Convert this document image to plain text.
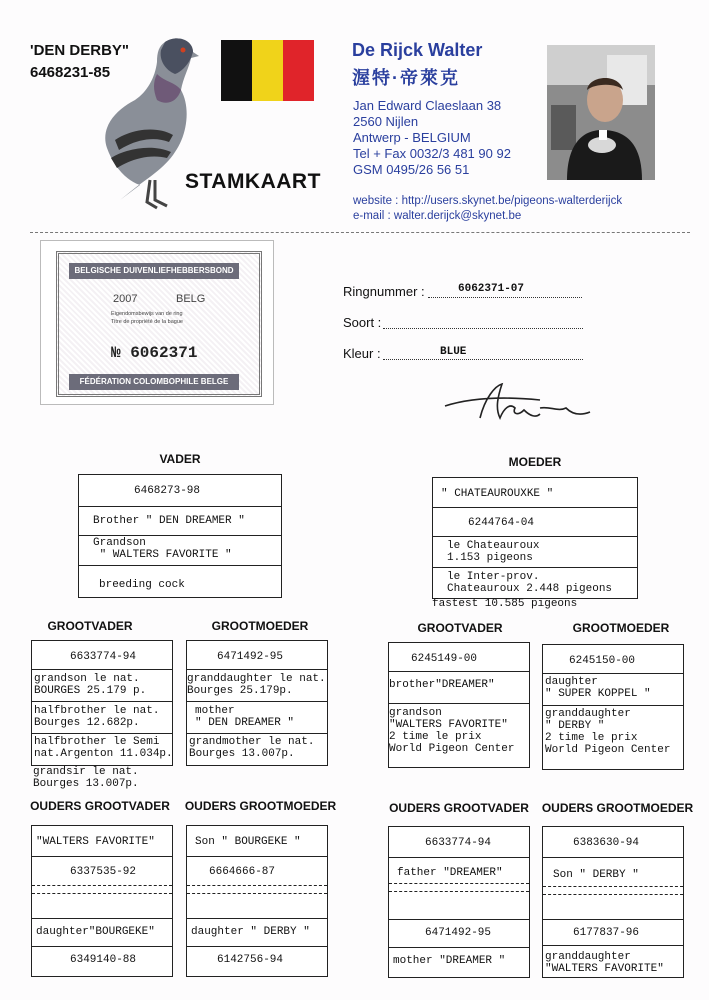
'DEN DERBY"
6468231-85
STAMKAART
De Rijck Walter
渥特·帝萊克
Jan Edward Claeslaan 38
2560 Nijlen
Antwerp - BELGIUM
Tel + Fax 0032/3 481 90 92
GSM 0495/26 56 51
website : http://users.skynet.be/pigeons-walterderijck
e-mail : walter.derijck@skynet.be
BELGISCHE DUIVENLIEFHEBBERSBOND
2007	BELG
Eigendomsbewijs van de ring
Titre de propriété de la bague
№ 6062371
FÉDÉRATION COLOMBOPHILE BELGE
Ringnummer :	6062371-07
Soort :
Kleur :	BLUE
VADER
6468273-98
Brother " DEN DREAMER "
Grandson
" WALTERS FAVORITE "
breeding cock
MOEDER
" CHATEAUROUXKE "
6244764-04
le Chateauroux
1.153 pigeons
le Inter-prov.
Chateauroux 2.448 pigeons
fastest 10.585 pigeons
GROOTVADER	GROOTMOEDER	GROOTVADER	GROOTMOEDER
6633774-94
grandson le nat.
BOURGES 25.179 p.
halfbrother le nat.
Bourges 12.682p.
halfbrother le Semi
nat.Argenton 11.034p.
grandsir le nat.
Bourges 13.007p.
6471492-95
granddaughter le nat.
Bourges 25.179p.
mother
" DEN DREAMER "
grandmother le nat.
Bourges 13.007p.
6245149-00
brother"DREAMER"
grandson
"WALTERS FAVORITE"
2 time le prix
World Pigeon Center
6245150-00
daughter
" SUPER KOPPEL "
granddaughter
" DERBY "
2 time le prix
World Pigeon Center
OUDERS GROOTVADER	OUDERS GROOTMOEDER	OUDERS GROOTVADER	OUDERS GROOTMOEDER
"WALTERS FAVORITE"
6337535-92
daughter"BOURGEKE"
6349140-88
Son " BOURGEKE "
6664666-87
daughter " DERBY "
6142756-94
6633774-94
father "DREAMER"
6471492-95
mother "DREAMER "
6383630-94
Son " DERBY "
6177837-96
granddaughter
"WALTERS FAVORITE"
